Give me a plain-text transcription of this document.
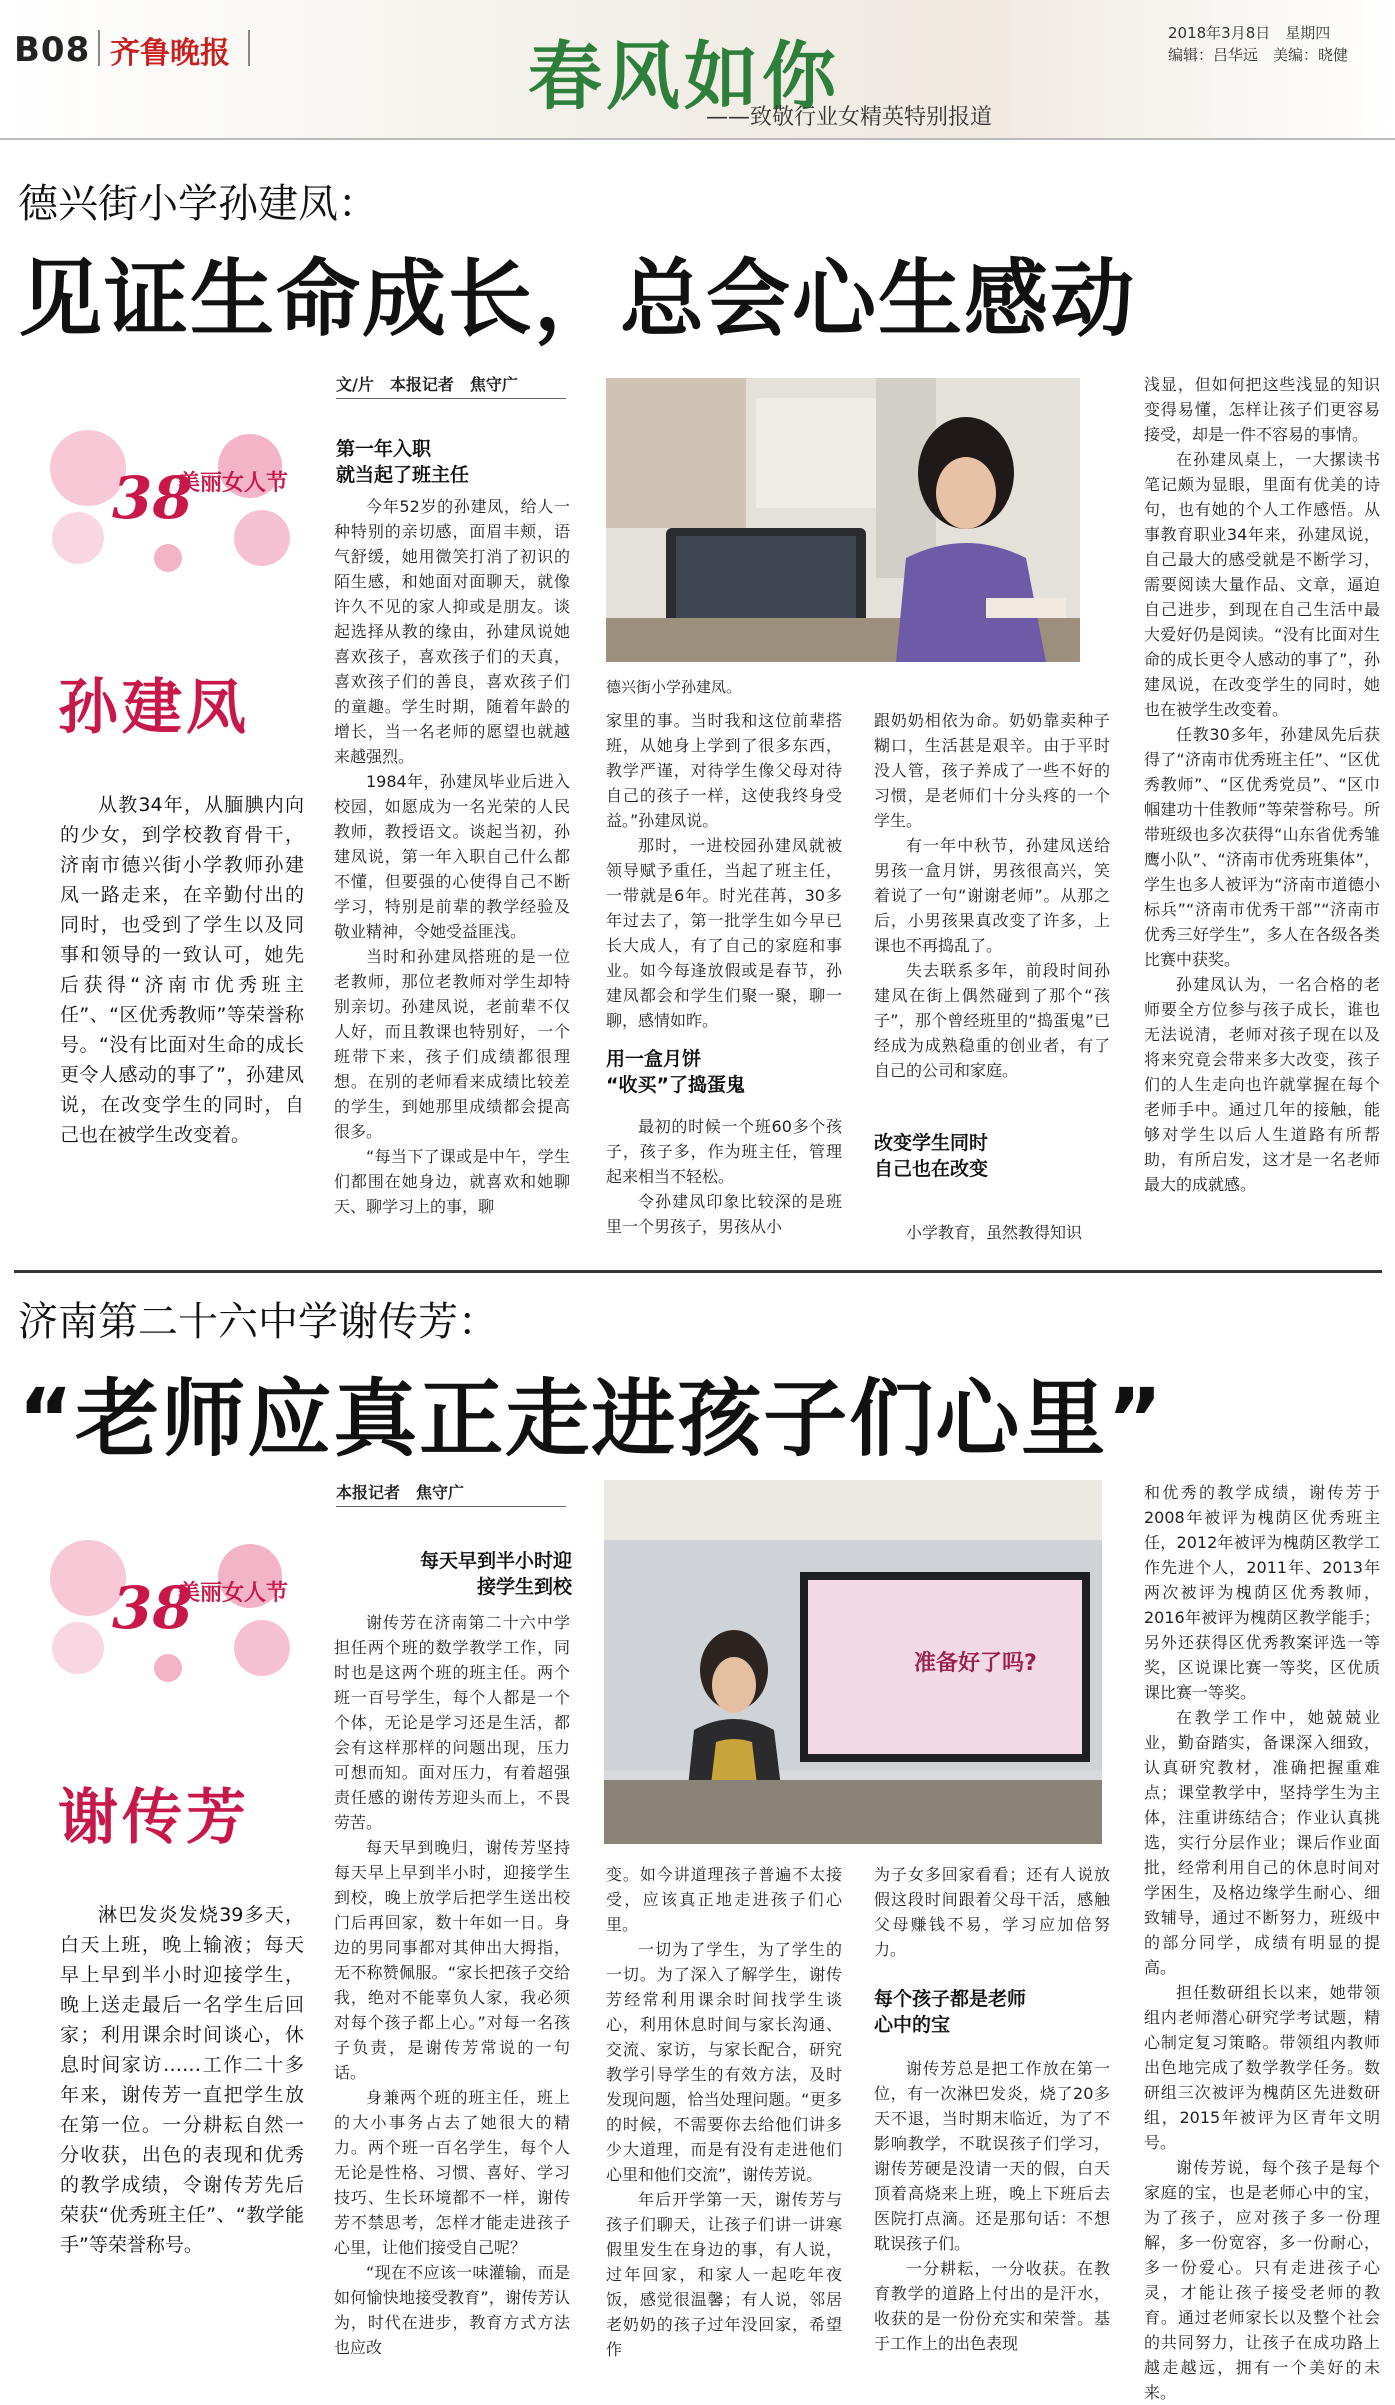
B08 齐鲁晚报	春风如你
——致敬行业女精英特别报道
2018年3月8日　星期四
编辑：吕华远　美编：晓健
德兴街小学孙建凤：
见证生命成长，总会心生感动
38
美丽女人节
孙建凤

从教34年，从腼腆内向的少女，到学校教育骨干，济南市德兴街小学教师孙建凤一路走来，在辛勤付出的同时，也受到了学生以及同事和领导的一致认可，她先后获得“济南市优秀班主任”、“区优秀教师”等荣誉称号。“没有比面对生命的成长更令人感动的事了”，孙建凤说，在改变学生的同时，自己也在被学生改变着。

文/片　本报记者　焦守广
德兴街小学孙建凤。
第一年入职
就当起了班主任

今年52岁的孙建凤，给人一种特别的亲切感，面眉丰颊，语气舒缓，她用微笑打消了初识的陌生感，和她面对面聊天，就像许久不见的家人抑或是朋友。谈起选择从教的缘由，孙建凤说她喜欢孩子，喜欢孩子们的天真，喜欢孩子们的善良，喜欢孩子们的童趣。学生时期，随着年龄的增长，当一名老师的愿望也就越来越强烈。

1984年，孙建凤毕业后进入校园，如愿成为一名光荣的人民教师，教授语文。谈起当初，孙建凤说，第一年入职自己什么都不懂，但要强的心使得自己不断学习，特别是前辈的教学经验及敬业精神，令她受益匪浅。

当时和孙建凤搭班的是一位老教师，那位老教师对学生却特别亲切。孙建凤说，老前辈不仅人好，而且教课也特别好，一个班带下来，孩子们成绩都很理想。在别的老师看来成绩比较差的学生，到她那里成绩都会提高很多。

“每当下了课或是中午，学生们都围在她身边，就喜欢和她聊天、聊学习上的事，聊

家里的事。当时我和这位前辈搭班，从她身上学到了很多东西，教学严谨，对待学生像父母对待自己的孩子一样，这使我终身受益。”孙建凤说。

那时，一进校园孙建凤就被领导赋予重任，当起了班主任，一带就是6年。时光荏苒，30多年过去了，第一批学生如今早已长大成人，有了自己的家庭和事业。如今每逢放假或是春节，孙建凤都会和学生们聚一聚，聊一聊，感情如昨。

用一盒月饼
“收买”了捣蛋鬼

最初的时候一个班60多个孩子，孩子多，作为班主任，管理起来相当不轻松。

令孙建凤印象比较深的是班里一个男孩子，男孩从小

跟奶奶相依为命。奶奶靠卖种子糊口，生活甚是艰辛。由于平时没人管，孩子养成了一些不好的习惯，是老师们十分头疼的一个学生。

有一年中秋节，孙建凤送给男孩一盒月饼，男孩很高兴，笑着说了一句“谢谢老师”。从那之后，小男孩果真改变了许多，上课也不再捣乱了。

失去联系多年，前段时间孙建凤在街上偶然碰到了那个“孩子”，那个曾经班里的“捣蛋鬼”已经成为成熟稳重的创业者，有了自己的公司和家庭。

改变学生同时
自己也在改变

小学教育，虽然教得知识

浅显，但如何把这些浅显的知识变得易懂，怎样让孩子们更容易接受，却是一件不容易的事情。

在孙建凤桌上，一大摞读书笔记颇为显眼，里面有优美的诗句，也有她的个人工作感悟。从事教育职业34年来，孙建凤说，自己最大的感受就是不断学习，需要阅读大量作品、文章，逼迫自己进步，到现在自己生活中最大爱好仍是阅读。“没有比面对生命的成长更令人感动的事了”，孙建凤说，在改变学生的同时，她也在被学生改变着。

任教30多年，孙建凤先后获得了“济南市优秀班主任”、“区优秀教师”、“区优秀党员”、“区巾帼建功十佳教师”等荣誉称号。所带班级也多次获得“山东省优秀雏鹰小队”、“济南市优秀班集体”，学生也多人被评为“济南市道德小标兵”“济南市优秀干部”“济南市优秀三好学生”，多人在各级各类比赛中获奖。

孙建凤认为，一名合格的老师要全方位参与孩子成长，谁也无法说清，老师对孩子现在以及将来究竟会带来多大改变，孩子们的人生走向也许就掌握在每个老师手中。通过几年的接触，能够对学生以后人生道路有所帮助，有所启发，这才是一名老师最大的成就感。

济南第二十六中学谢传芳：
“老师应真正走进孩子们心里”
38
美丽女人节
谢传芳

淋巴发炎发烧39多天，白天上班，晚上输液；每天早上早到半小时迎接学生，晚上送走最后一名学生后回家；利用课余时间谈心，休息时间家访……工作二十多年来，谢传芳一直把学生放在第一位。一分耕耘自然一分收获，出色的表现和优秀的教学成绩，令谢传芳先后荣获“优秀班主任”、“教学能手”等荣誉称号。

本报记者　焦守广
准备好了吗?
每天早到半小时迎
接学生到校

谢传芳在济南第二十六中学担任两个班的数学教学工作，同时也是这两个班的班主任。两个班一百号学生，每个人都是一个个体，无论是学习还是生活，都会有这样那样的问题出现，压力可想而知。面对压力，有着超强责任感的谢传芳迎头而上，不畏劳苦。

每天早到晚归，谢传芳坚持每天早上早到半小时，迎接学生到校，晚上放学后把学生送出校门后再回家，数十年如一日。身边的男同事都对其伸出大拇指，无不称赞佩服。“家长把孩子交给我，绝对不能辜负人家，我必须对每个孩子都上心。”对每一名孩子负责，是谢传芳常说的一句话。

身兼两个班的班主任，班上的大小事务占去了她很大的精力。两个班一百名学生，每个人无论是性格、习惯、喜好、学习技巧、生长环境都不一样，谢传芳不禁思考，怎样才能走进孩子心里，让他们接受自己呢？

“现在不应该一味灌输，而是如何愉快地接受教育”，谢传芳认为，时代在进步，教育方式方法也应改

变。如今讲道理孩子普遍不太接受，应该真正地走进孩子们心里。

一切为了学生，为了学生的一切。为了深入了解学生，谢传芳经常利用课余时间找学生谈心，利用休息时间与家长沟通、交流、家访，与家长配合，研究教学引导学生的有效方法，及时发现问题，恰当处理问题。“更多的时候，不需要你去给他们讲多少大道理，而是有没有走进他们心里和他们交流”，谢传芳说。

年后开学第一天，谢传芳与孩子们聊天，让孩子们讲一讲寒假里发生在身边的事，有人说，过年回家，和家人一起吃年夜饭，感觉很温馨；有人说，邻居老奶奶的孩子过年没回家，希望作

为子女多回家看看；还有人说放假这段时间跟着父母干活，感触父母赚钱不易，学习应加倍努力。

每个孩子都是老师
心中的宝

谢传芳总是把工作放在第一位，有一次淋巴发炎，烧了20多天不退，当时期末临近，为了不影响教学，不耽误孩子们学习，谢传芳硬是没请一天的假，白天顶着高烧来上班，晚上下班后去医院打点滴。还是那句话：不想耽误孩子们。

一分耕耘，一分收获。在教育教学的道路上付出的是汗水，收获的是一份份充实和荣誉。基于工作上的出色表现

和优秀的教学成绩，谢传芳于2008年被评为槐荫区优秀班主任，2012年被评为槐荫区教学工作先进个人，2011年、2013年两次被评为槐荫区优秀教师，2016年被评为槐荫区教学能手；另外还获得区优秀教案评选一等奖，区说课比赛一等奖，区优质课比赛一等奖。

在教学工作中，她兢兢业业，勤奋踏实，备课深入细致，认真研究教材，准确把握重难点；课堂教学中，坚持学生为主体，注重讲练结合；作业认真挑选，实行分层作业；课后作业面批，经常利用自己的休息时间对学困生，及格边缘学生耐心、细致辅导，通过不断努力，班级中的部分同学，成绩有明显的提高。

担任数研组长以来，她带领组内老师潜心研究学考试题，精心制定复习策略。带领组内教师出色地完成了数学教学任务。数研组三次被评为槐荫区先进数研组，2015年被评为区青年文明号。

谢传芳说，每个孩子是每个家庭的宝，也是老师心中的宝，为了孩子，应对孩子多一份理解，多一份宽容，多一份耐心，多一份爱心。只有走进孩子心灵，才能让孩子接受老师的教育。通过老师家长以及整个社会的共同努力，让孩子在成功路上越走越远，拥有一个美好的未来。
